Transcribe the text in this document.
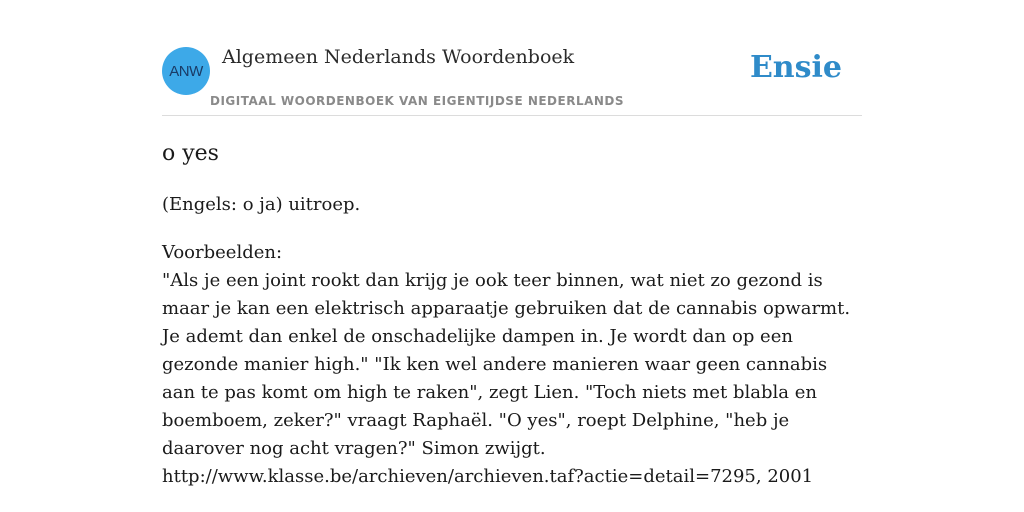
ANW
Algemeen Nederlands Woordenboek
DIGITAAL WOORDENBOEK VAN EIGENTIJDSE NEDERLANDS
Ensie
o yes
(Engels: o ja) uitroep.
Voorbeelden:
"Als je een joint rookt dan krijg je ook teer binnen, wat niet zo gezond is maar je kan een elektrisch apparaatje gebruiken dat de cannabis opwarmt. Je ademt dan enkel de onschadelijke dampen in. Je wordt dan op een gezonde manier high." "Ik ken wel andere manieren waar geen cannabis aan te pas komt om high te raken", zegt Lien. "Toch niets met blabla en boemboem, zeker?" vraagt Raphaël. "O yes", roept Delphine, "heb je daarover nog acht vragen?" Simon zwijgt.
http://www.klasse.be/archieven/archieven.taf?actie=detail=7295, 2001
